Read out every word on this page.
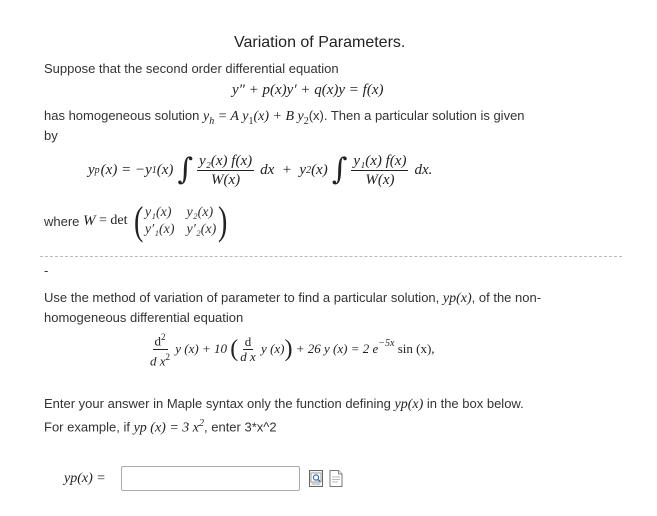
Variation of Parameters.
Suppose that the second order differential equation
y″ + p(x)y′ + q(x)y = f(x)
has homogeneous solution $y_h = A$ $y_1(x) + B$ $y_2(x)$. Then a particular solution is given
by
y p (x) = −y 1 (x) ∫ $\frac{\text{y₂(x) f(x)}}{W(x)}$ dx  +  y 2 (x) ∫ $\frac{\text{y₁(x) f(x)}}{W(x)}$ dx.
where W = det ( y₁(x) y₂(x)
y′₁(x) y′₂(x) )
-
Use the method of variation of parameter to find a particular solution, yp(x), of the non-
homogeneous differential equation
$\frac{d^2}{d x^2}$ y (x) + 10 ( $\frac{d}{\text{d x}}$ y (x) ) + 26 y (x) = 2 $e^{-5x}$ sin (x),
Enter your answer in Maple syntax only the function defining yp(x) in the box below.
For example, if yp (x) = 3 $x^2$, enter 3*x^2
yp(x) =
